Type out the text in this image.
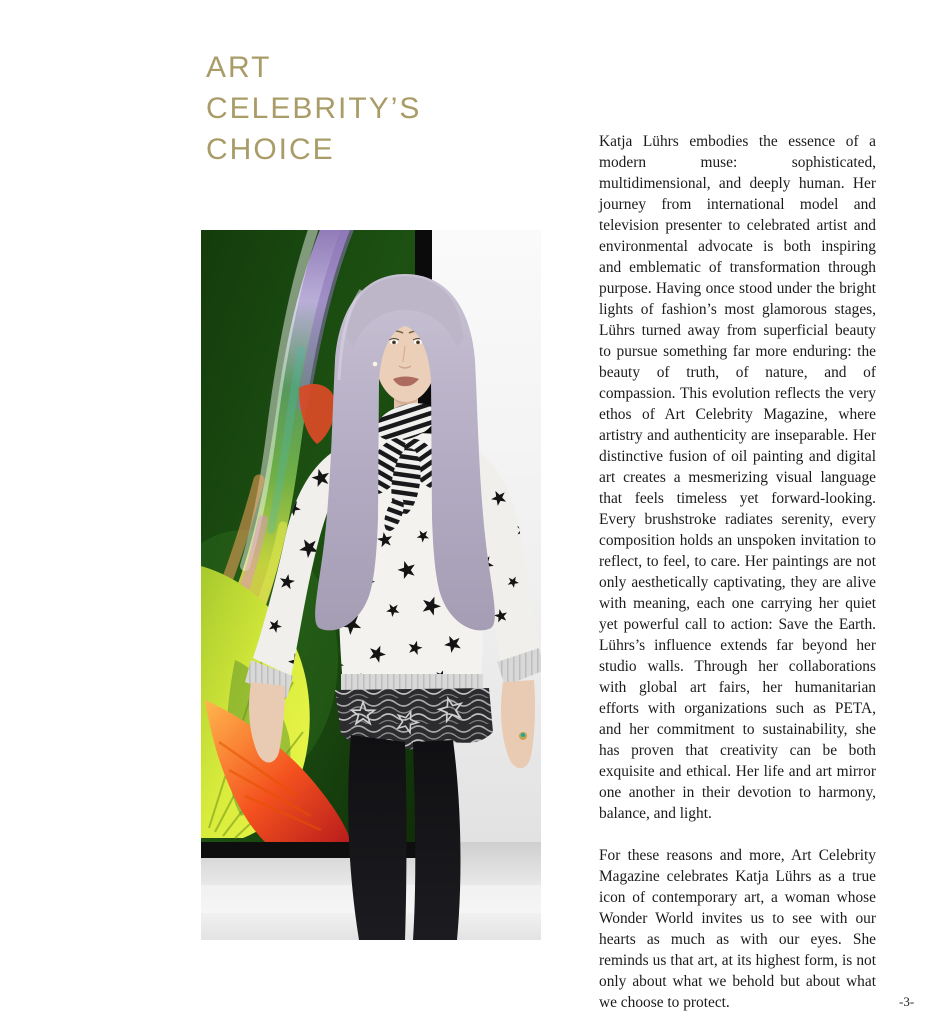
ART
CELEBRITY’S
CHOICE	Katja Lührs embodies the essence of a modern muse: sophisticated, multidimensional, and deeply human. Her journey from international model and television presenter to celebrated artist and environmental advocate is both inspiring and emblematic of transformation through purpose. Having once stood under the bright lights of fashion’s most glamorous stages, Lührs turned away from superficial beauty to pursue something far more enduring: the beauty of truth, of nature, and of compassion. This evolution reflects the very ethos of Art Celebrity Magazine, where artistry and authenticity are inseparable. Her distinctive fusion of oil painting and digital art creates a mesmerizing visual language that feels timeless yet forward-looking. Every brushstroke radiates serenity, every composition holds an unspoken invitation to reflect, to feel, to care. Her paintings are not only aesthetically captivating, they are alive with meaning, each one carrying her quiet yet powerful call to action: Save the Earth. Lührs’s influence extends far beyond her studio walls. Through her collaborations with global art fairs, her humanitarian efforts with organizations such as PETA, and her commitment to sustainability, she has proven that creativity can be both exquisite and ethical. Her life and art mirror one another in their devotion to harmony, balance, and light.

For these reasons and more, Art Celebrity Magazine celebrates Katja Lührs as a true icon of contemporary art, a woman whose Wonder World invites us to see with our hearts as much as with our eyes. She reminds us that art, at its highest form, is not only about what we behold but about what we choose to protect.	-3-
